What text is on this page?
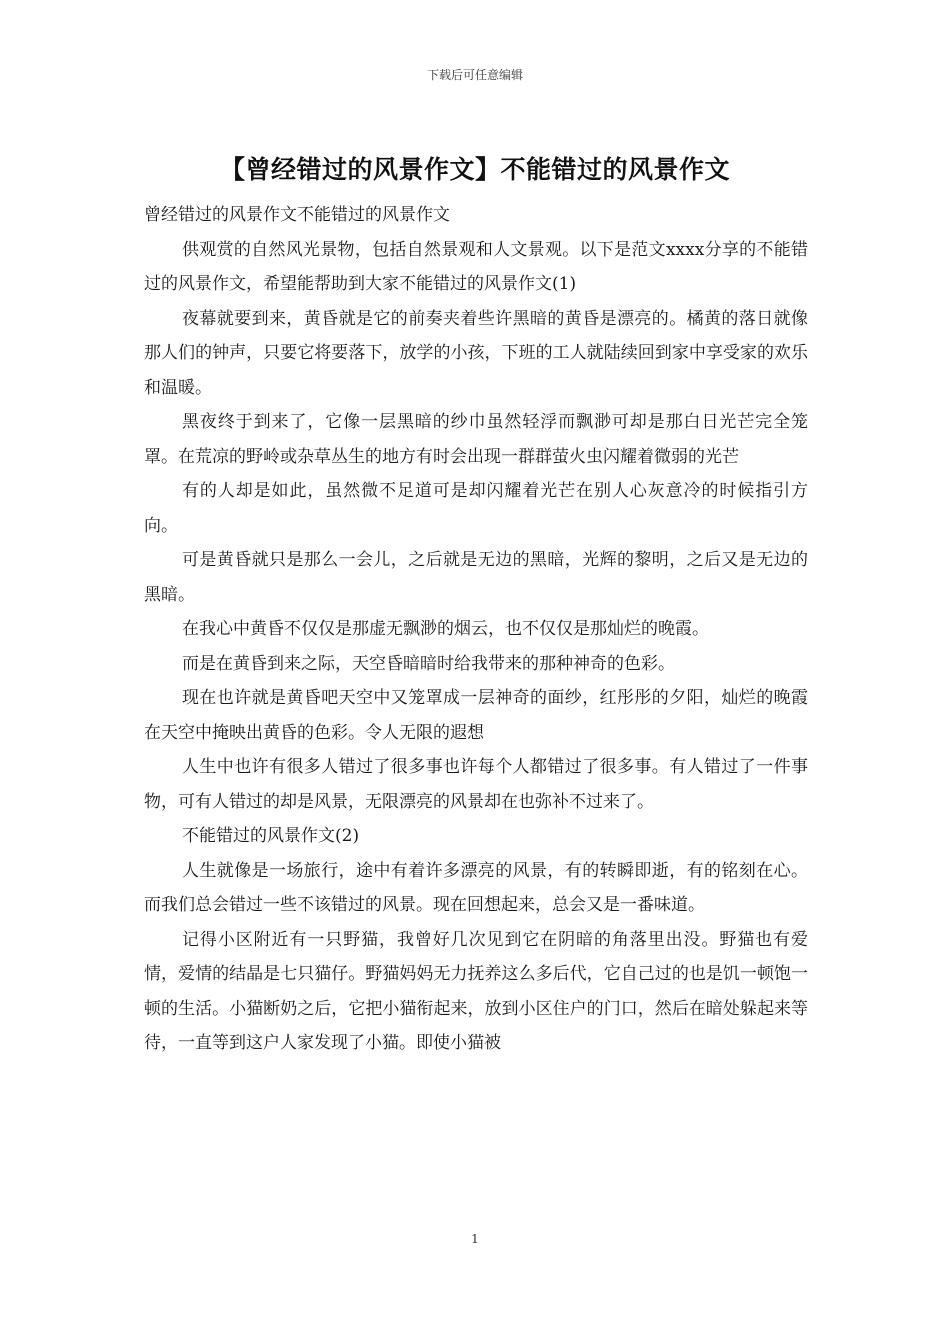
下载后可任意编辑
【曾经错过的风景作文】不能错过的风景作文

曾经错过的风景作文不能错过的风景作文

供观赏的自然风光景物，包括自然景观和人文景观。以下是范文xxxx分享的不能错过的风景作文，希望能帮助到大家不能错过的风景作文(1)

夜幕就要到来，黄昏就是它的前奏夹着些许黑暗的黄昏是漂亮的。橘黄的落日就像那人们的钟声，只要它将要落下，放学的小孩，下班的工人就陆续回到家中享受家的欢乐和温暖。

黑夜终于到来了，它像一层黑暗的纱巾虽然轻浮而飘渺可却是那白日光芒完全笼罩。在荒凉的野岭或杂草丛生的地方有时会出现一群群萤火虫闪耀着微弱的光芒

有的人却是如此，虽然微不足道可是却闪耀着光芒在别人心灰意冷的时候指引方向。

可是黄昏就只是那么一会儿，之后就是无边的黑暗，光辉的黎明，之后又是无边的黑暗。

在我心中黄昏不仅仅是那虚无飘渺的烟云，也不仅仅是那灿烂的晚霞。

而是在黄昏到来之际，天空昏暗暗时给我带来的那种神奇的色彩。

现在也许就是黄昏吧天空中又笼罩成一层神奇的面纱，红彤彤的夕阳，灿烂的晚霞在天空中掩映出黄昏的色彩。令人无限的遐想

人生中也许有很多人错过了很多事也许每个人都错过了很多事。有人错过了一件事物，可有人错过的却是风景，无限漂亮的风景却在也弥补不过来了。

不能错过的风景作文(2)

人生就像是一场旅行，途中有着许多漂亮的风景，有的转瞬即逝，有的铭刻在心。而我们总会错过一些不该错过的风景。现在回想起来，总会又是一番味道。

记得小区附近有一只野猫，我曾好几次见到它在阴暗的角落里出没。野猫也有爱情，爱情的结晶是七只猫仔。野猫妈妈无力抚养这么多后代，它自己过的也是饥一顿饱一顿的生活。小猫断奶之后，它把小猫衔起来，放到小区住户的门口，然后在暗处躲起来等待，一直等到这户人家发现了小猫。即使小猫被

1
